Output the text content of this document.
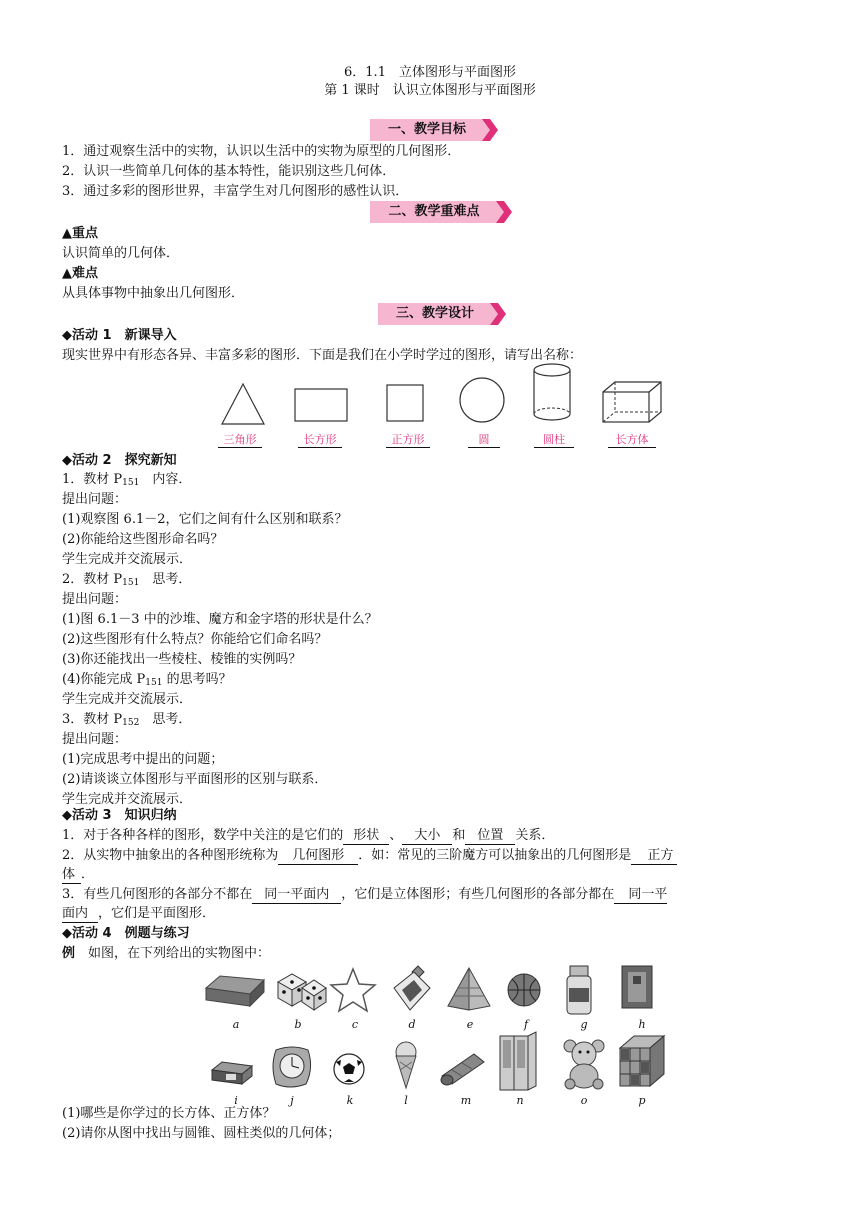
6．1.1　立体图形与平面图形
第 1 课时　认识立体图形与平面图形
一、教学目标
1．通过观察生活中的实物，认识以生活中的实物为原型的几何图形．
2．认识一些简单几何体的基本特性，能识别这些几何体．
3．通过多彩的图形世界，丰富学生对几何图形的感性认识．
二、教学重难点
▲重点
认识简单的几何体．
▲难点
从具体事物中抽象出几何图形．
三、教学设计
◆活动 1　新课导入
现实世界中有形态各异、丰富多彩的图形．下面是我们在小学时学过的图形，请写出名称：
三角形	长方形	正方形	圆	圆柱	长方体
◆活动 2　探究新知
1．教材 $P_{151}$　内容．
提出问题：
(1)观察图 6.1－2，它们之间有什么区别和联系？
(2)你能给这些图形命名吗？
学生完成并交流展示．
2．教材 $P_{151}$　思考．
提出问题：
(1)图 6.1－3 中的沙堆、魔方和金字塔的形状是什么？
(2)这些图形有什么特点？你能给它们命名吗？
(3)你还能找出一些棱柱、棱锥的实例吗？
(4)你能完成 $P_{151}$ 的思考吗？
学生完成并交流展示．
3．教材 $P_{152}$　思考．
提出问题：
(1)完成思考中提出的问题；
(2)请谈谈立体图形与平面图形的区别与联系．
学生完成并交流展示．
◆活动 3　知识归纳
1．对于各种各样的图形，数学中关注的是它们的 形状 、 大小 和 位置 关系．
2．从实物中抽象出的各种图形统称为 几何图形 ．如：常见的三阶魔方可以抽象出的几何图形是 正方
体 ．
3．有些几何图形的各部分不都在 同一平面内 ，它们是立体图形；有些几何图形的各部分都在 同一平
面内 ，它们是平面图形．
◆活动 4　例题与练习
例　如图，在下列给出的实物图中：
a	b	c	d	e	f	g	h
i	j	k	l	m	n	o	p
(1)哪些是你学过的长方体、正方体？
(2)请你从图中找出与圆锥、圆柱类似的几何体；
